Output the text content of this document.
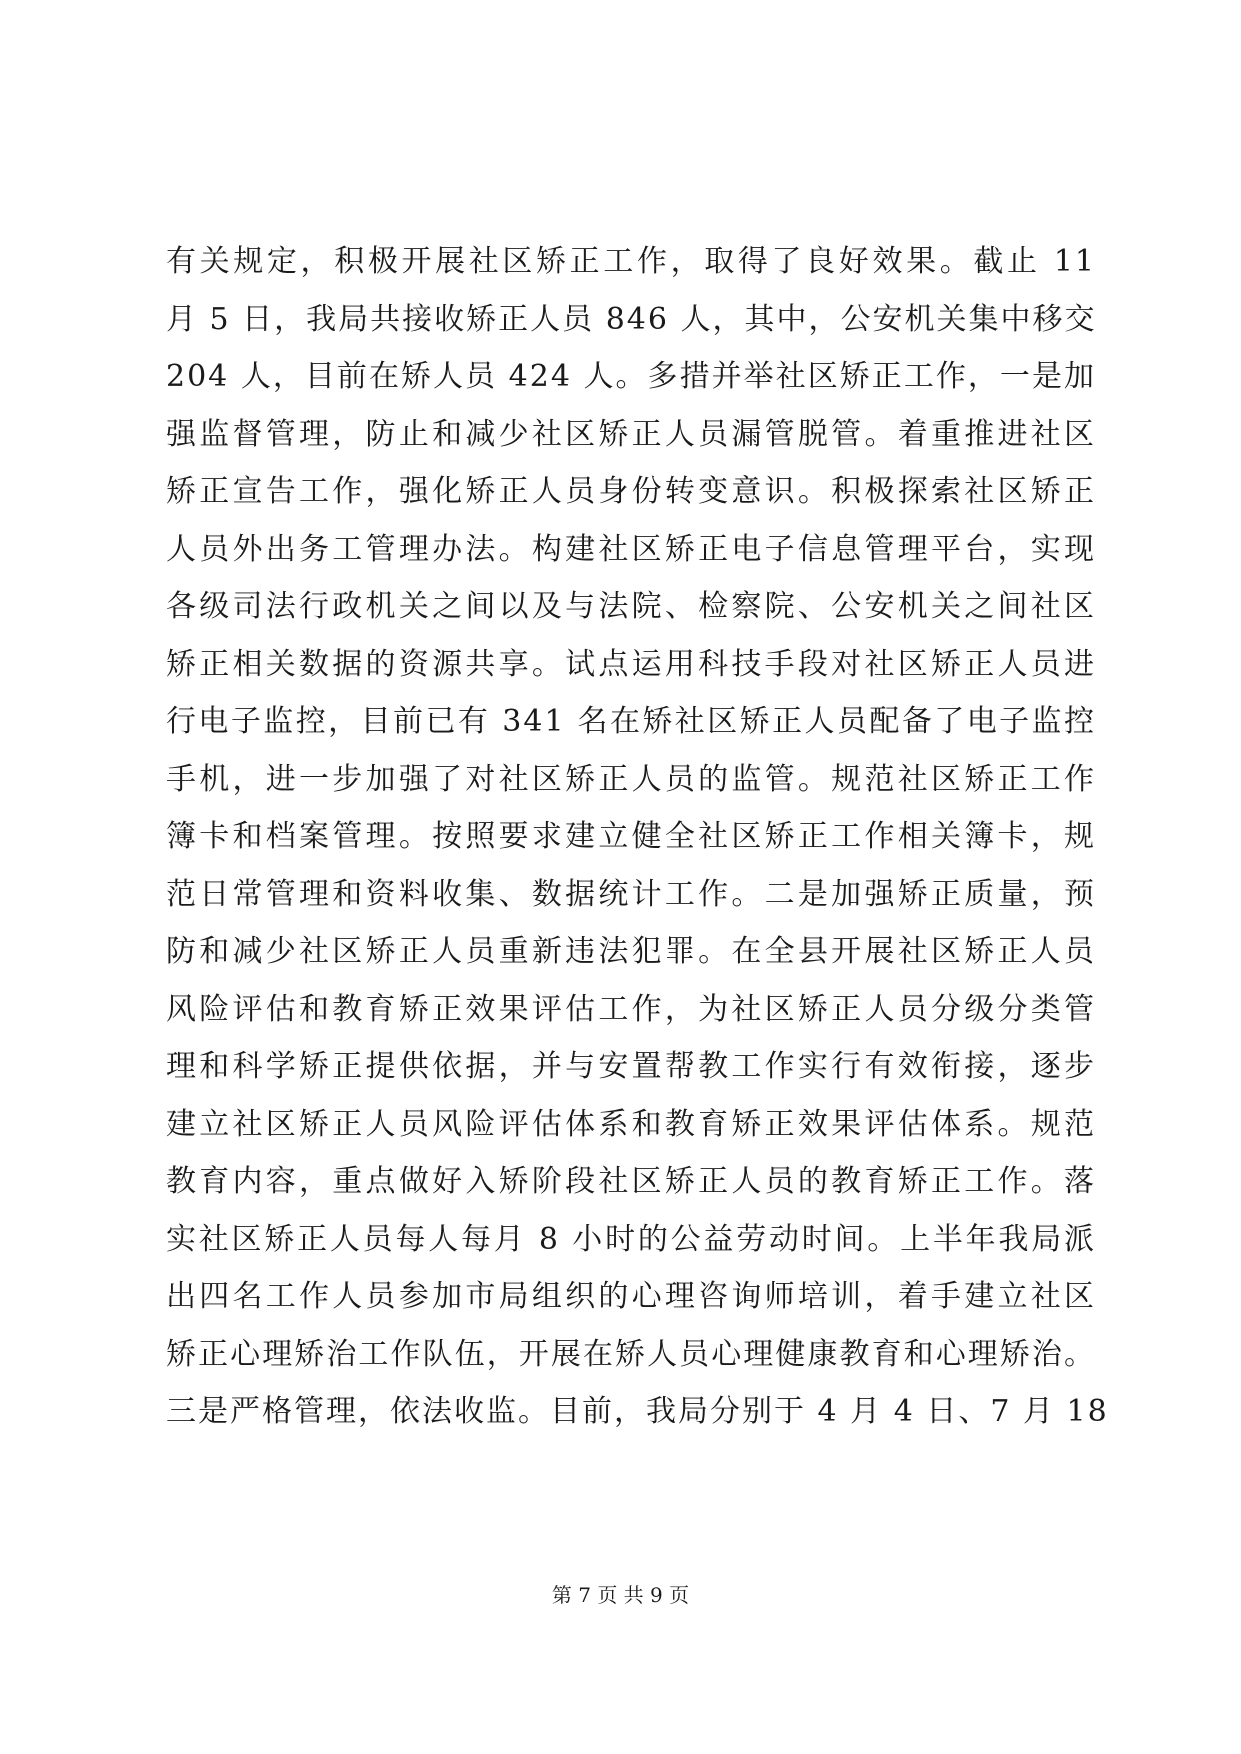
有关规定，积极开展社区矫正工作，取得了良好效果。截止 11
月 5 日，我局共接收矫正人员 846 人，其中，公安机关集中移交
204 人，目前在矫人员 424 人。多措并举社区矫正工作，一是加
强监督管理，防止和减少社区矫正人员漏管脱管。着重推进社区
矫正宣告工作，强化矫正人员身份转变意识。积极探索社区矫正
人员外出务工管理办法。构建社区矫正电子信息管理平台，实现
各级司法行政机关之间以及与法院、检察院、公安机关之间社区
矫正相关数据的资源共享。试点运用科技手段对社区矫正人员进
行电子监控，目前已有 341 名在矫社区矫正人员配备了电子监控
手机，进一步加强了对社区矫正人员的监管。规范社区矫正工作
簿卡和档案管理。按照要求建立健全社区矫正工作相关簿卡，规
范日常管理和资料收集、数据统计工作。二是加强矫正质量，预
防和减少社区矫正人员重新违法犯罪。在全县开展社区矫正人员
风险评估和教育矫正效果评估工作，为社区矫正人员分级分类管
理和科学矫正提供依据，并与安置帮教工作实行有效衔接，逐步
建立社区矫正人员风险评估体系和教育矫正效果评估体系。规范
教育内容，重点做好入矫阶段社区矫正人员的教育矫正工作。落
实社区矫正人员每人每月 8 小时的公益劳动时间。上半年我局派
出四名工作人员参加市局组织的心理咨询师培训，着手建立社区
矫正心理矫治工作队伍，开展在矫人员心理健康教育和心理矫治。
三是严格管理，依法收监。目前，我局分别于 4 月 4 日、7 月 18
第 7 页 共 9 页
